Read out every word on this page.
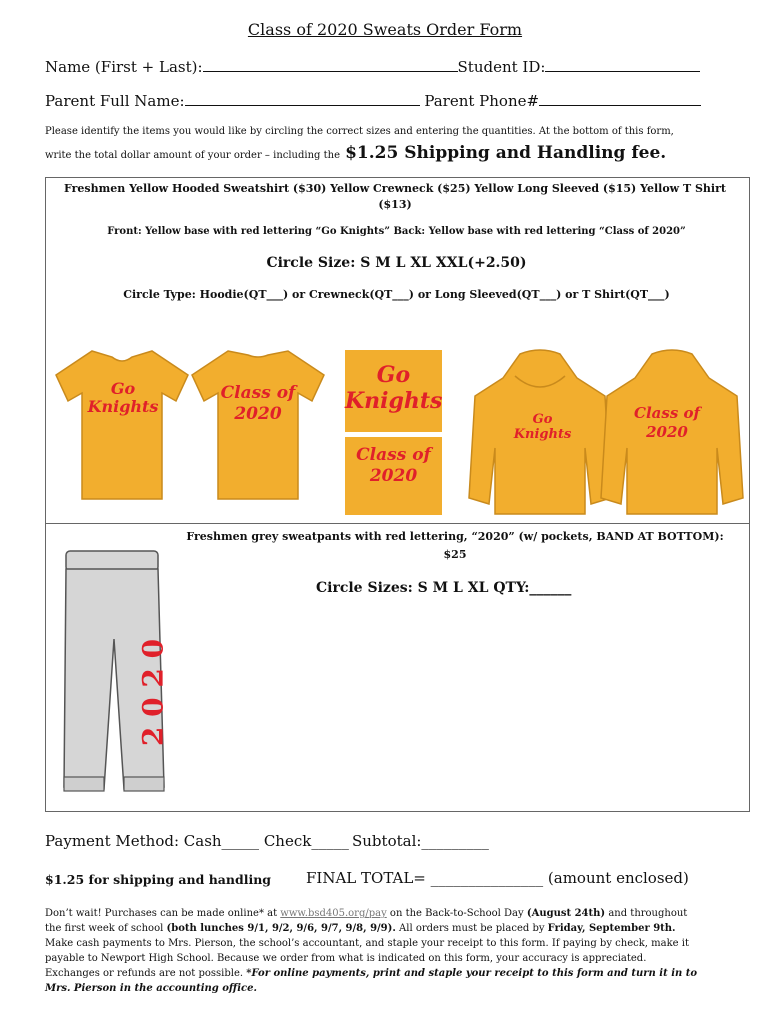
Class of 2020 Sweats Order Form
Name (First + Last):	Student ID:
Parent Full Name:	Parent Phone#
Please identify the items you would like by circling the correct sizes and entering the quantities. At the bottom of this form,
write the total dollar amount of your order – including the $1.25 Shipping and Handling fee.
Freshmen Yellow Hooded Sweatshirt ($30) Yellow Crewneck ($25) Yellow Long Sleeved ($15) Yellow T Shirt ($13)
Front: Yellow base with red lettering “Go Knights” Back: Yellow base with red lettering “Class of 2020”
Circle Size: S M L XL XXL(+2.50)
Circle Type: Hoodie(QT___) or Crewneck(QT___) or Long Sleeved(QT___) or T Shirt(QT___)
Go Knights
Class of 2020
Go Knights
Class of 2020
Go Knights
Class of 2020
Freshmen grey sweatpants with red lettering, “2020” (w/ pockets, BAND AT BOTTOM):
$25
Circle Sizes: S M L XL QTY:______
2 0 2 0
Payment Method: Cash_____ Check_____ Subtotal:_________
$1.25 for shipping and handling FINAL TOTAL= _______________ (amount enclosed)
Don’t wait! Purchases can be made online* at www.bsd405.org/pay on the Back-to-School Day (August 24th) and throughout
the first week of school (both lunches 9/1, 9/2, 9/6, 9/7, 9/8, 9/9). All orders must be placed by Friday, September 9th.
Make cash payments to Mrs. Pierson, the school’s accountant, and staple your receipt to this form. If paying by check, make it
payable to Newport High School. Because we order from what is indicated on this form, your accuracy is appreciated.
Exchanges or refunds are not possible. *For online payments, print and staple your receipt to this form and turn it in to
Mrs. Pierson in the accounting office.
